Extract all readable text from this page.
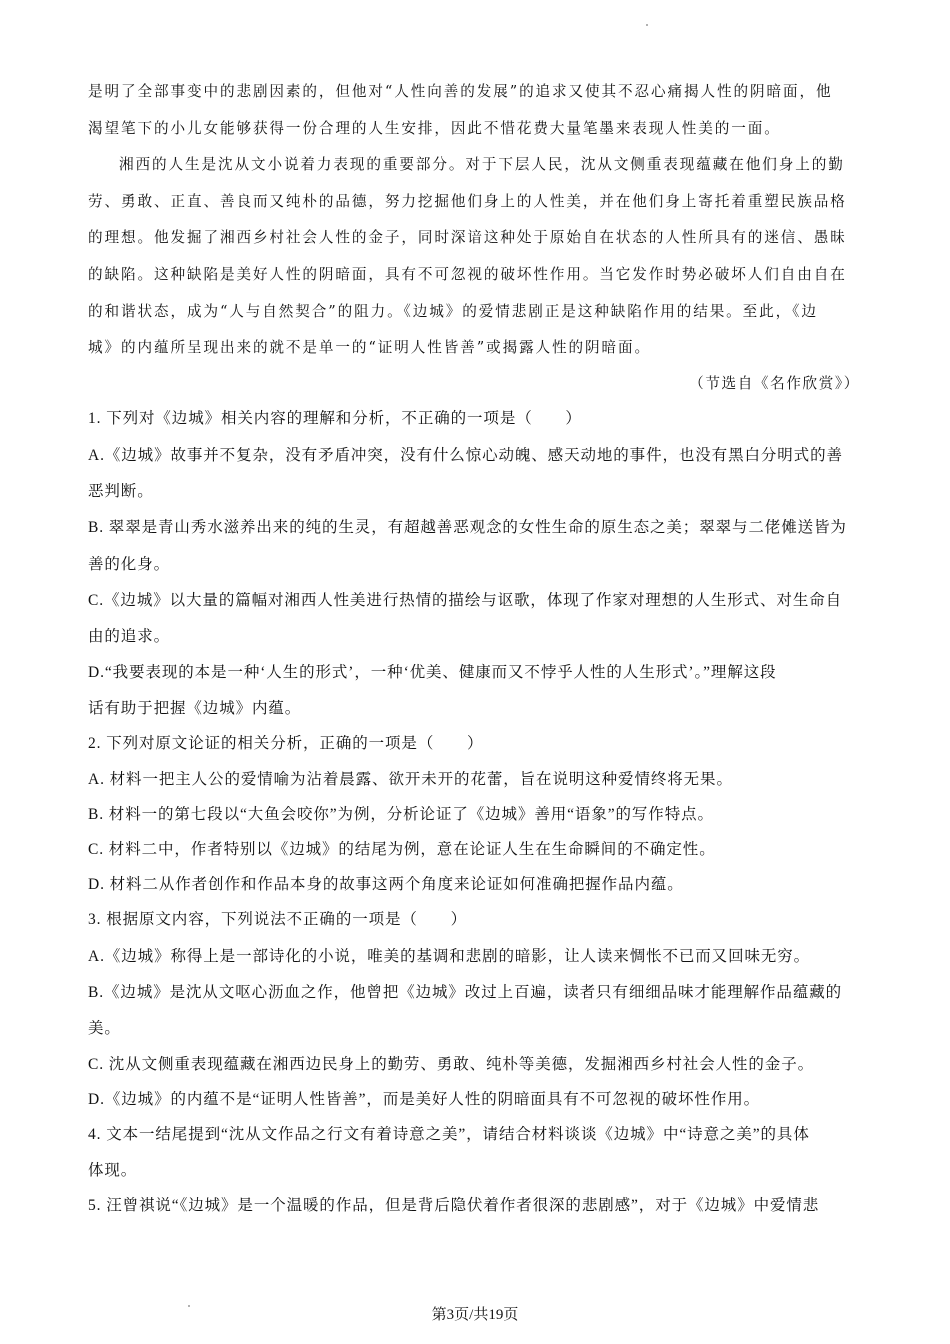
是明了全部事变中的悲剧因素的，但他对“人性向善的发展”的追求又使其不忍心痛揭人性的阴暗面，他
渴望笔下的小儿女能够获得一份合理的人生安排，因此不惜花费大量笔墨来表现人性美的一面。
湘西的人生是沈从文小说着力表现的重要部分。对于下层人民，沈从文侧重表现蕴藏在他们身上的勤
劳、勇敢、正直、善良而又纯朴的品德，努力挖掘他们身上的人性美，并在他们身上寄托着重塑民族品格
的理想。他发掘了湘西乡村社会人性的金子，同时深谙这种处于原始自在状态的人性所具有的迷信、愚昧
的缺陷。这种缺陷是美好人性的阴暗面，具有不可忽视的破坏性作用。当它发作时势必破坏人们自由自在
的和谐状态，成为“人与自然契合”的阻力。《边城》的爱情悲剧正是这种缺陷作用的结果。至此，《边
城》的内蕴所呈现出来的就不是单一的“证明人性皆善”或揭露人性的阴暗面。
（节选自《名作欣赏》）
1. 下列对《边城》相关内容的理解和分析，不正确的一项是（　　）
A.《边城》故事并不复杂，没有矛盾冲突，没有什么惊心动魄、感天动地的事件，也没有黑白分明式的善
恶判断。
B. 翠翠是青山秀水滋养出来的纯的生灵，有超越善恶观念的女性生命的原生态之美；翠翠与二佬傩送皆为
善的化身。
C.《边城》以大量的篇幅对湘西人性美进行热情的描绘与讴歌，体现了作家对理想的人生形式、对生命自
由的追求。
D.“我要表现的本是一种‘人生的形式’，一种‘优美、健康而又不悖乎人性的人生形式’。”理解这段
话有助于把握《边城》内蕴。
2. 下列对原文论证的相关分析，正确的一项是（　　）
A. 材料一把主人公的爱情喻为沾着晨露、欲开未开的花蕾，旨在说明这种爱情终将无果。
B. 材料一的第七段以“大鱼会咬你”为例，分析论证了《边城》善用“语象”的写作特点。
C. 材料二中，作者特别以《边城》的结尾为例，意在论证人生在生命瞬间的不确定性。
D. 材料二从作者创作和作品本身的故事这两个角度来论证如何准确把握作品内蕴。
3. 根据原文内容，下列说法不正确的一项是（　　）
A.《边城》称得上是一部诗化的小说，唯美的基调和悲剧的暗影，让人读来惆怅不已而又回味无穷。
B.《边城》是沈从文呕心沥血之作，他曾把《边城》改过上百遍，读者只有细细品味才能理解作品蕴藏的
美。
C. 沈从文侧重表现蕴藏在湘西边民身上的勤劳、勇敢、纯朴等美德，发掘湘西乡村社会人性的金子。
D.《边城》的内蕴不是“证明人性皆善”，而是美好人性的阴暗面具有不可忽视的破坏性作用。
4. 文本一结尾提到“沈从文作品之行文有着诗意之美”，请结合材料谈谈《边城》中“诗意之美”的具体
体现。
5. 汪曾祺说“《边城》是一个温暖的作品，但是背后隐伏着作者很深的悲剧感”，对于《边城》中爱情悲
第3页/共19页
